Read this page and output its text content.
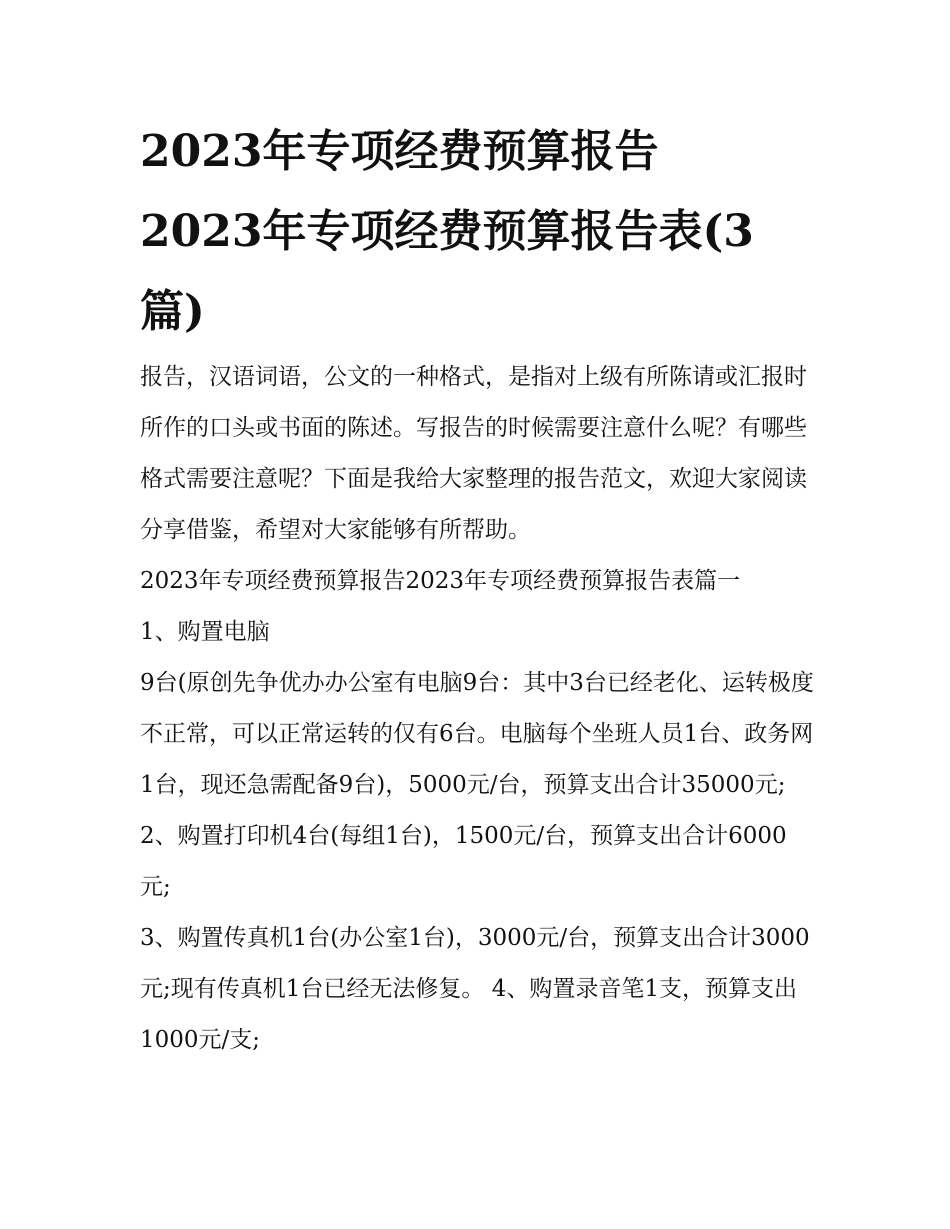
2023年专项经费预算报告
2023年专项经费预算报告表(3
篇)

报告，汉语词语，公文的一种格式，是指对上级有所陈请或汇报时所作的口头或书面的陈述。写报告的时候需要注意什么呢？有哪些格式需要注意呢？下面是我给大家整理的报告范文，欢迎大家阅读分享借鉴，希望对大家能够有所帮助。

2023年专项经费预算报告2023年专项经费预算报告表篇一

1、购置电脑

9台(原创先争优办办公室有电脑9台：其中3台已经老化、运转极度不正常，可以正常运转的仅有6台。电脑每个坐班人员1台、政务网1台，现还急需配备9台)，5000元/台，预算支出合计35000元;

2、购置打印机4台(每组1台)，1500元/台，预算支出合计6000元;

3、购置传真机1台(办公室1台)，3000元/台，预算支出合计3000元;现有传真机1台已经无法修复。 4、购置录音笔1支，预算支出1000元/支;
